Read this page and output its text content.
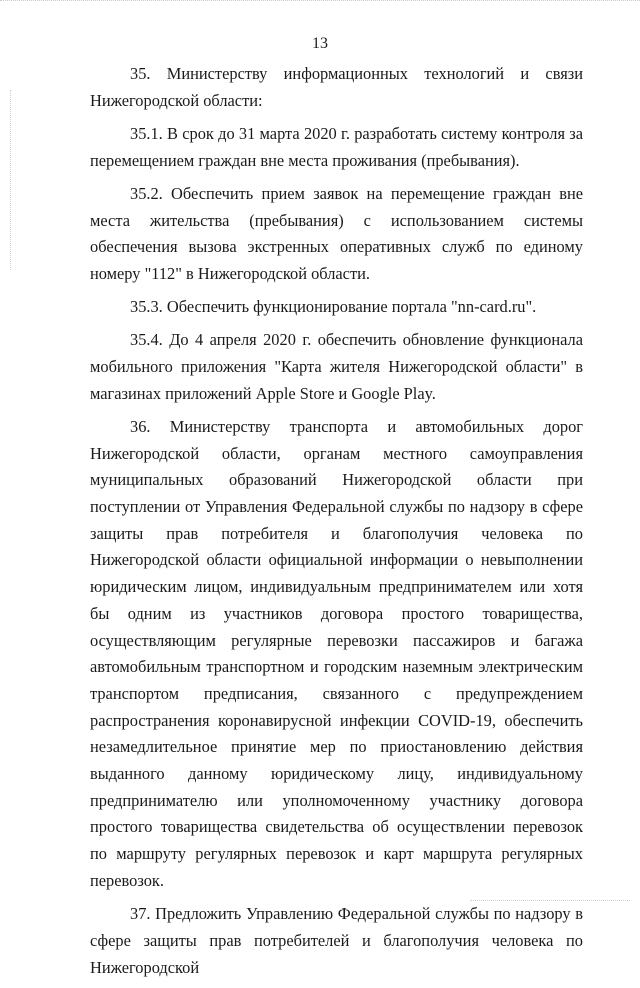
13

35. Министерству информационных технологий и связи Нижегородской области:

35.1. В срок до 31 марта 2020 г. разработать систему контроля за перемещением граждан вне места проживания (пребывания).

35.2. Обеспечить прием заявок на перемещение граждан вне места жительства (пребывания) с использованием системы обеспечения вызова экстренных оперативных служб по единому номеру "112" в Нижегородской области.

35.3. Обеспечить функционирование портала "nn-card.ru".

35.4. До 4 апреля 2020 г. обеспечить обновление функционала мобильного приложения "Карта жителя Нижегородской области" в магазинах приложений Apple Store и Google Play.

36. Министерству транспорта и автомобильных дорог Нижегородской области, органам местного самоуправления муниципальных образований Нижегородской области при поступлении от Управления Федеральной службы по надзору в сфере защиты прав потребителя и благополучия человека по Нижегородской области официальной информации о невыполнении юридическим лицом, индивидуальным предпринимателем или хотя бы одним из участников договора простого товарищества, осуществляющим регулярные перевозки пассажиров и багажа автомобильным транспортном и городским наземным электрическим транспортом предписания, связанного с предупреждением распространения коронавирусной инфекции COVID-19, обеспечить незамедлительное принятие мер по приостановлению действия выданного данному юридическому лицу, индивидуальному предпринимателю или уполномоченному участнику договора простого товарищества свидетельства об осуществлении перевозок по маршруту регулярных перевозок и карт маршрута регулярных перевозок.

37. Предложить Управлению Федеральной службы по надзору в сфере защиты прав потребителей и благополучия человека по Нижегородской
